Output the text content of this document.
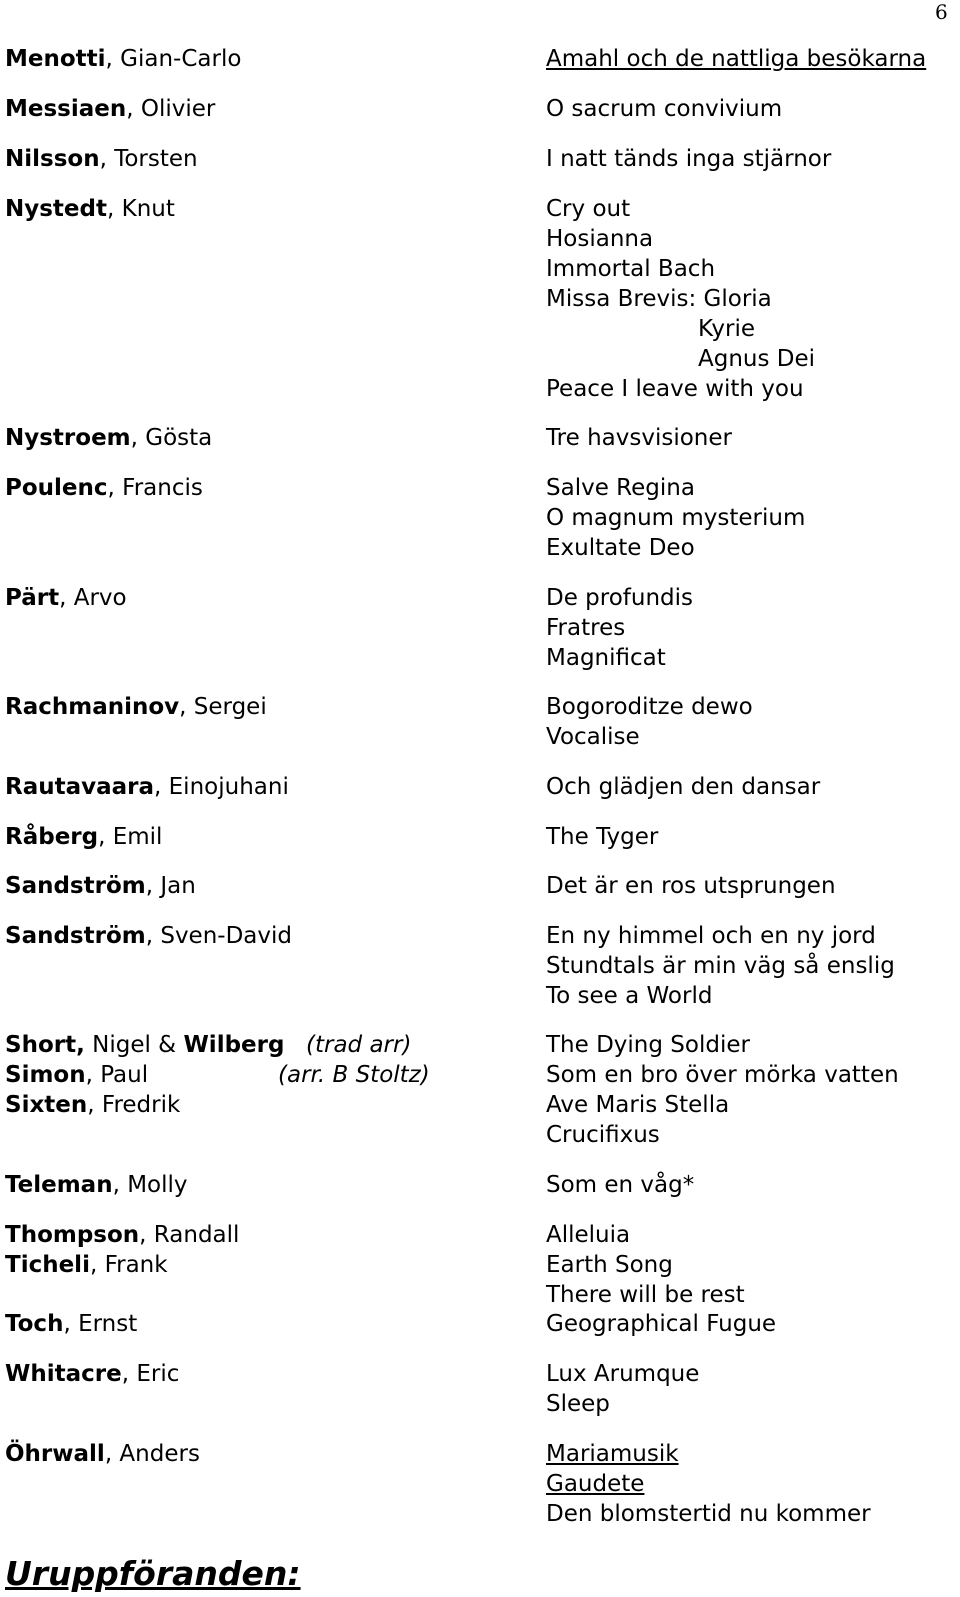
6
Menotti, Gian-Carlo
Messiaen, Olivier
Nilsson, Torsten
Nystedt, Knut
Nystroem, Gösta
Poulenc, Francis
Pärt, Arvo
Rachmaninov, Sergei
Rautavaara, Einojuhani
Råberg, Emil
Sandström, Jan
Sandström, Sven-David
Short, Nigel & Wilberg (trad arr)
Simon, Paul	(arr. B Stoltz)
Sixten, Fredrik
Teleman, Molly
Thompson, Randall
Ticheli, Frank
Toch, Ernst
Whitacre, Eric
Öhrwall, Anders
Amahl och de nattliga besökarna
O sacrum convivium
I natt tänds inga stjärnor
Cry out
Hosianna
Immortal Bach
Missa Brevis: Gloria
Kyrie
Agnus Dei
Peace I leave with you
Tre havsvisioner
Salve Regina
O magnum mysterium
Exultate Deo
De profundis
Fratres
Magnificat
Bogoroditze dewo
Vocalise
Och glädjen den dansar
The Tyger
Det är en ros utsprungen
En ny himmel och en ny jord
Stundtals är min väg så enslig
To see a World
The Dying Soldier
Som en bro över mörka vatten
Ave Maris Stella
Crucifixus
Som en våg*
Alleluia
Earth Song
There will be rest
Geographical Fugue
Lux Arumque
Sleep
Mariamusik
Gaudete
Den blomstertid nu kommer
Uruppföranden:
